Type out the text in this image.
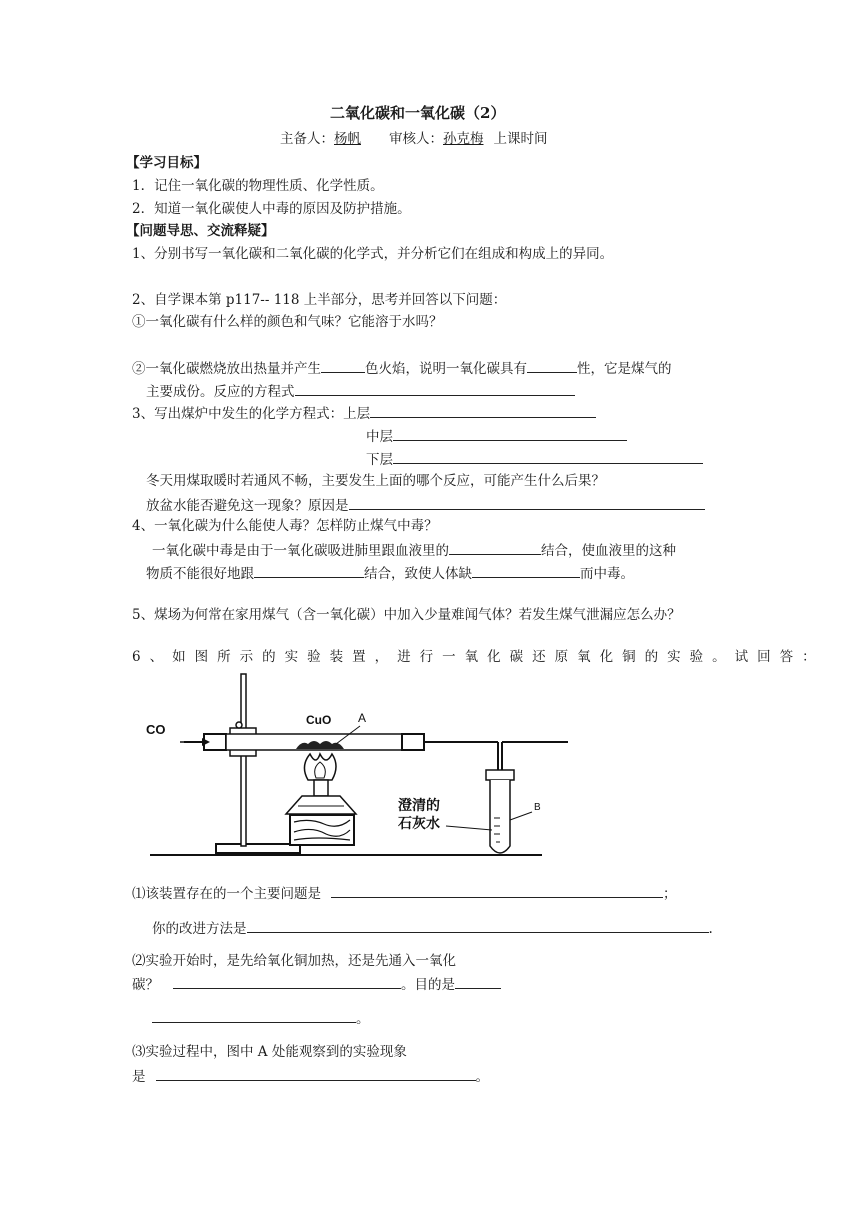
二氧化碳和一氧化碳（2）
主备人：杨帆 审核人：孙克梅 上课时间
【学习目标】
1．记住一氧化碳的物理性质、化学性质。
2．知道一氧化碳使人中毒的原因及防护措施。
【问题导思、交流释疑】
1、分别书写一氧化碳和二氧化碳的化学式，并分析它们在组成和构成上的异同。
2、自学课本第 p117-- 118 上半部分，思考并回答以下问题：
①一氧化碳有什么样的颜色和气味？它能溶于水吗？
②一氧化碳燃烧放出热量并产生	色火焰，说明一氧化碳具有	性，它是煤气的
主要成份。反应的方程式
3、写出煤炉中发生的化学方程式：上层
中层
下层
冬天用煤取暖时若通风不畅，主要发生上面的哪个反应，可能产生什么后果？
放盆水能否避免这一现象？原因是
4、一氧化碳为什么能使人毒？怎样防止煤气中毒？
一氧化碳中毒是由于一氧化碳吸进肺里跟血液里的	结合，使血液里的这种
物质不能很好地跟	结合，致使人体缺	而中毒。
5、煤场为何常在家用煤气（含一氧化碳）中加入少量难闻气体？若发生煤气泄漏应怎么办？
6、如图所示的实验装置，进行一氧化碳还原氧化铜的实验。试回答：
CO
CuO A
B
澄清的
石灰水
⑴该装置存在的一个主要问题是	；
你的改进方法是	.
⑵实验开始时，是先给氧化铜加热，还是先通入一氧化
碳？	。目的是
。
⑶实验过程中，图中 A 处能观察到的实验现象
是	。
